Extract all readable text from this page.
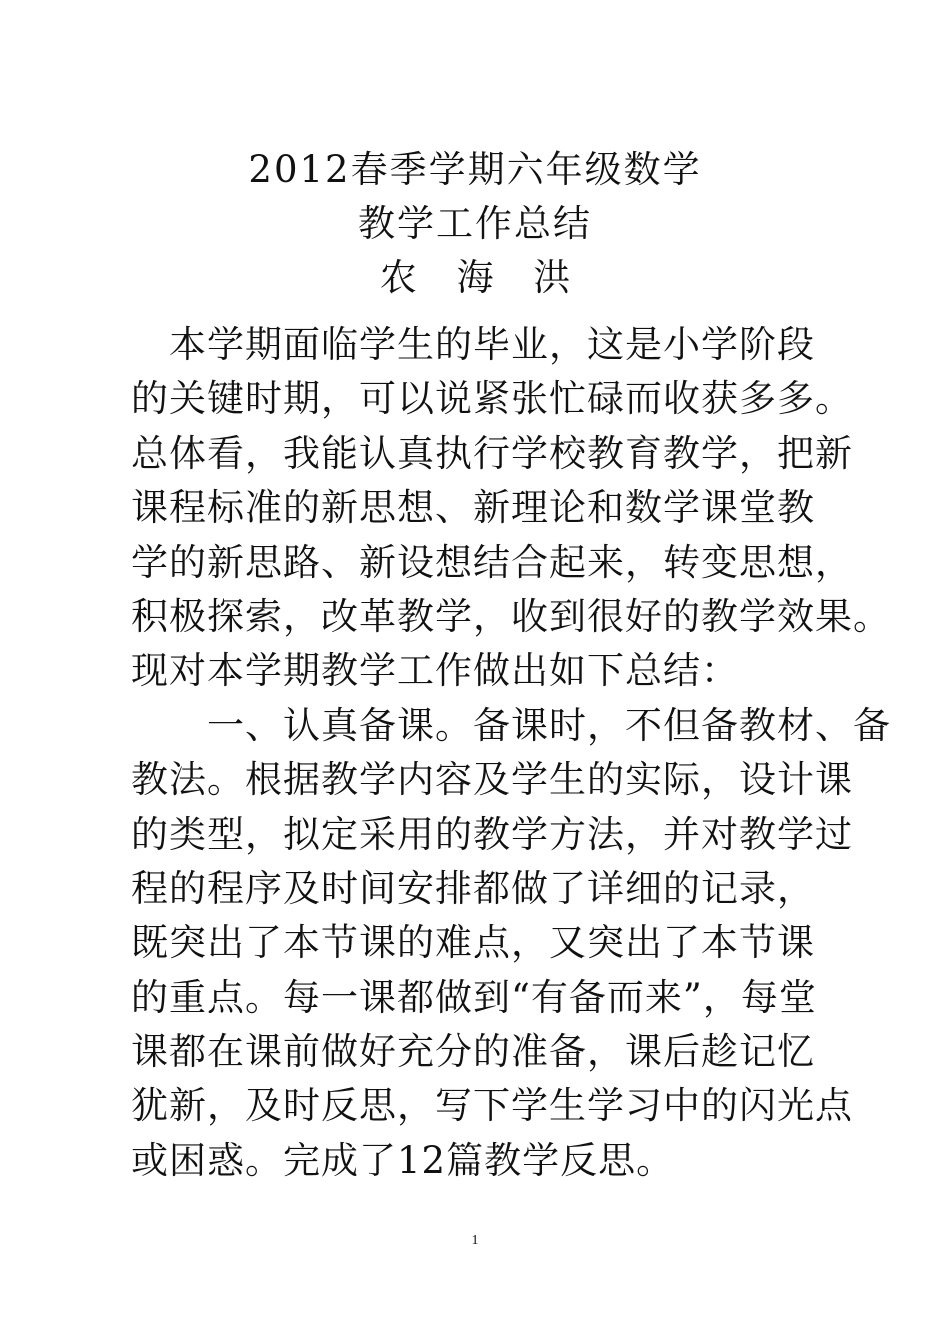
2012春季学期六年级数学
教学工作总结
农 海 洪
　本学期面临学生的毕业，这是小学阶段
的关键时期，可以说紧张忙碌而收获多多。
总体看，我能认真执行学校教育教学，把新
课程标准的新思想、新理论和数学课堂教
学的新思路、新设想结合起来，转变思想，
积极探索，改革教学，收到很好的教学效果。
现对本学期教学工作做出如下总结：
　　一、认真备课。备课时，不但备教材、备
教法。根据教学内容及学生的实际，设计课
的类型，拟定采用的教学方法，并对教学过
程的程序及时间安排都做了详细的记录，
既突出了本节课的难点，又突出了本节课
的重点。每一课都做到“有备而来”，每堂
课都在课前做好充分的准备，课后趁记忆
犹新，及时反思，写下学生学习中的闪光点
或困惑。完成了12篇教学反思。
1
